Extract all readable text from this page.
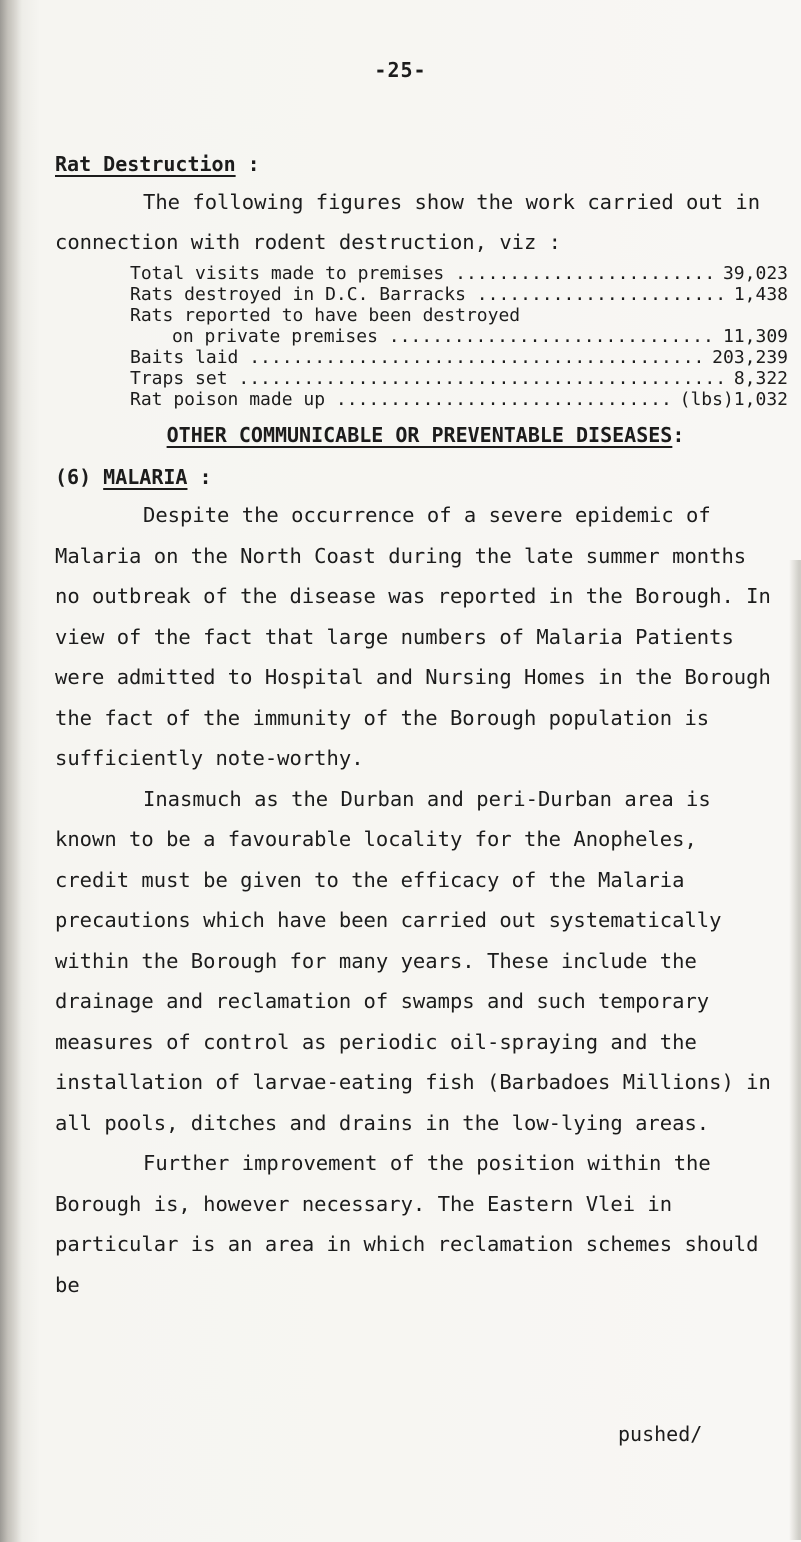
-25-
Rat Destruction :

The following figures show the work carried out in connection with rodent destruction, viz :

Total visits made to premises .....	39,023
Rats destroyed in D.C. Barracks .....	1,438
Rats reported to have been destroyed
on private premises .....	11,309
Baits laid .....	203,239
Traps set .....	8,322
Rat poison made up .....	(lbs)1,032
OTHER COMMUNICABLE OR PREVENTABLE DISEASES:
(6) MALARIA :

Despite the occurrence of a severe epidemic of Malaria on the North Coast during the late summer months no outbreak of the disease was reported in the Borough. In view of the fact that large numbers of Malaria Patients were admitted to Hospital and Nursing Homes in the Borough the fact of the immunity of the Borough population is sufficiently note-worthy.

Inasmuch as the Durban and peri-Durban area is known to be a favourable locality for the Anopheles, credit must be given to the efficacy of the Malaria precautions which have been carried out systematically within the Borough for many years. These include the drainage and reclamation of swamps and such temporary measures of control as periodic oil-spraying and the installation of larvae-eating fish (Barbadoes Millions) in all pools, ditches and drains in the low-lying areas.

Further improvement of the position within the Borough is, however necessary. The Eastern Vlei in particular is an area in which reclamation schemes should be

pushed/
